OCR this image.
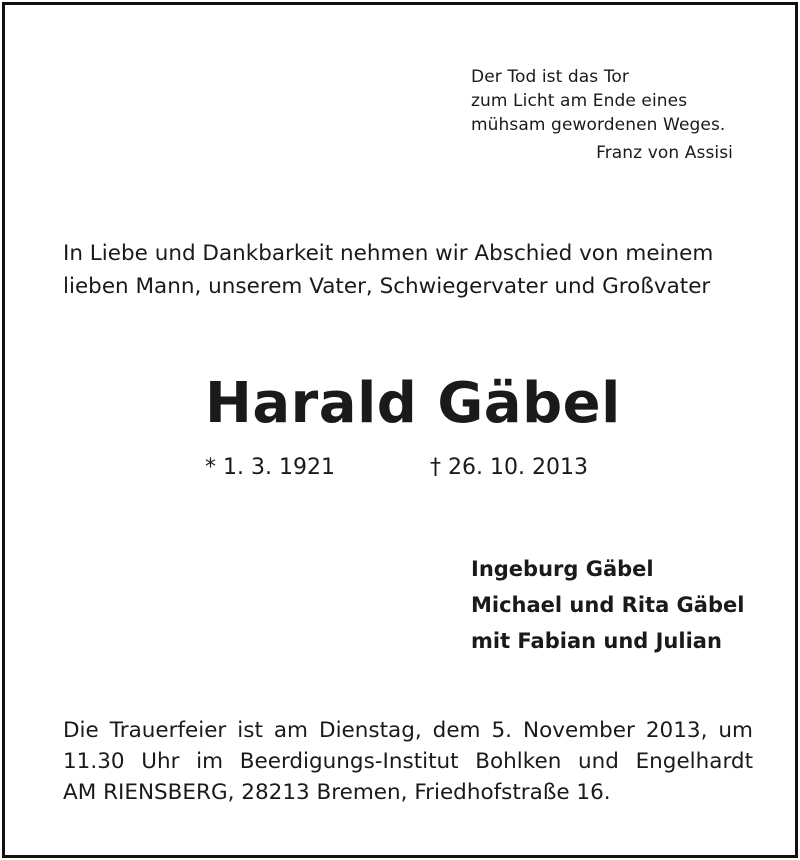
Der Tod ist das Tor
zum Licht am Ende eines
mühsam gewordenen Weges.
Franz von Assisi
In Liebe und Dankbarkeit nehmen wir Abschied von meinem
lieben Mann, unserem Vater, Schwiegervater und Großvater
Harald Gäbel
* 1. 3. 1921	† 26. 10. 2013
Ingeburg Gäbel
Michael und Rita Gäbel
mit Fabian und Julian
Die Trauerfeier ist am Dienstag, dem 5. November 2013, um
11.30 Uhr im Beerdigungs-Institut Bohlken und Engelhardt
AM RIENSBERG, 28213 Bremen, Friedhofstraße 16.
